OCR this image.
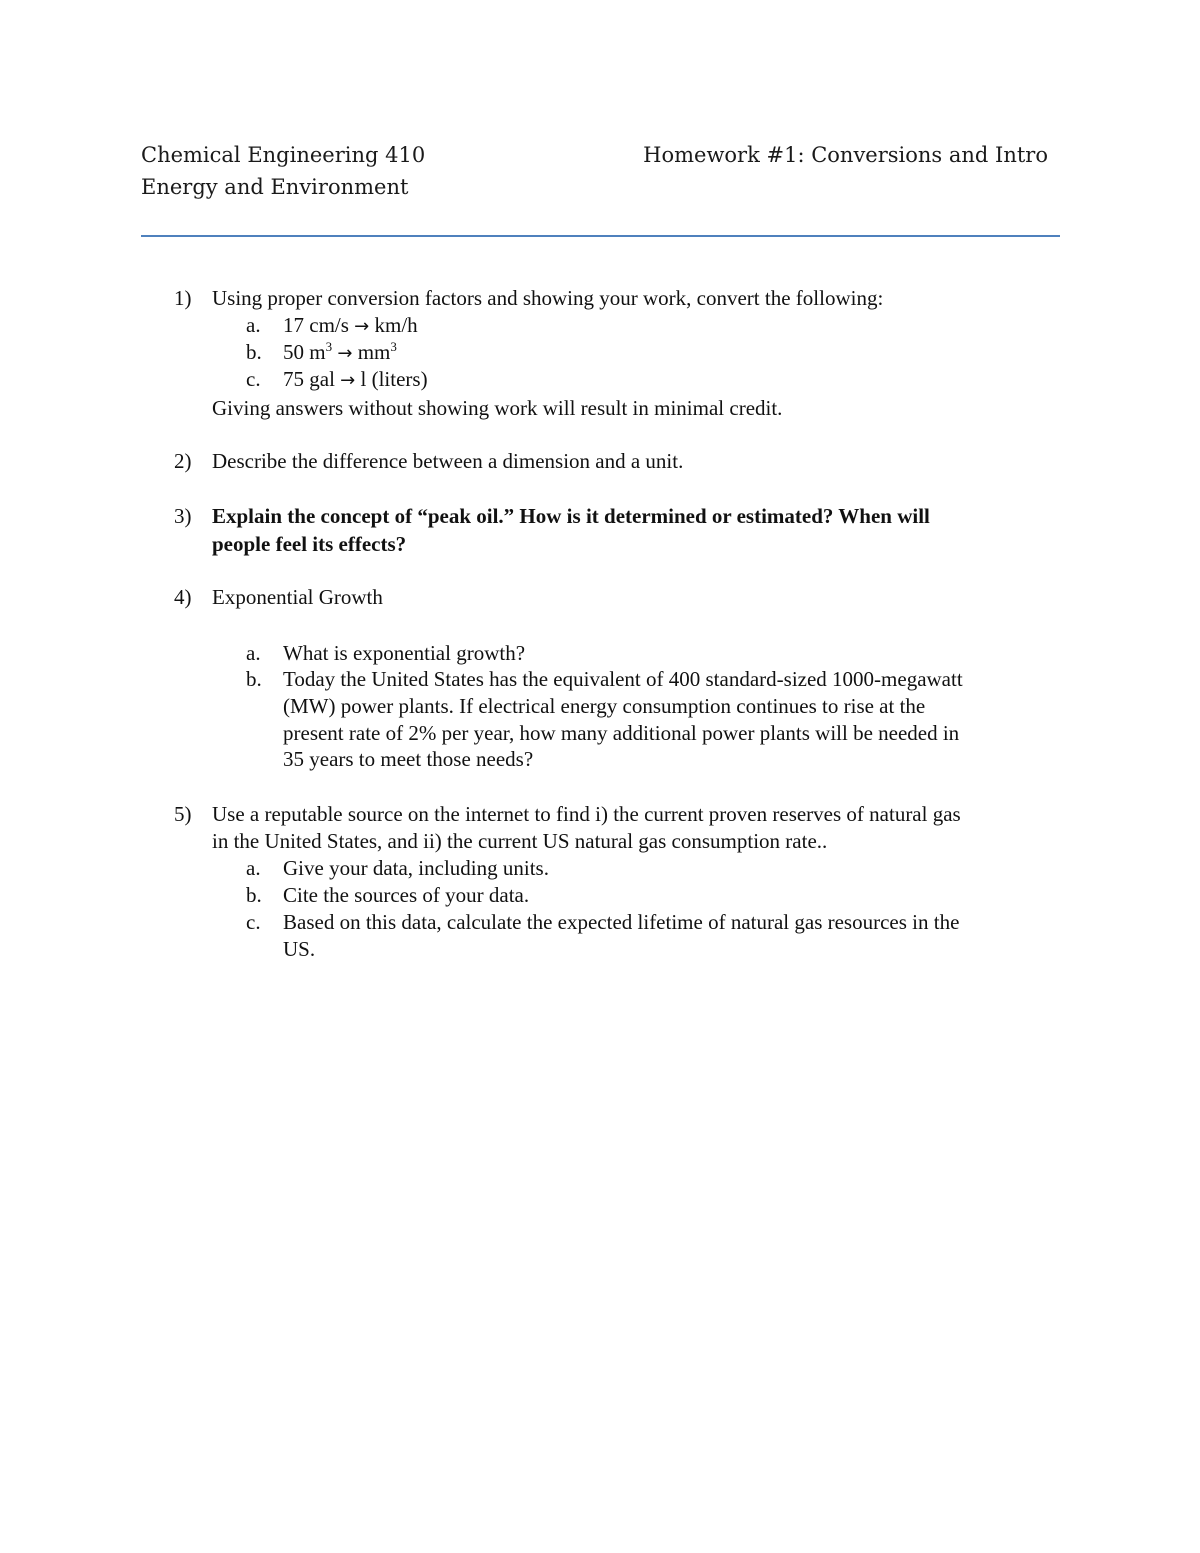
Chemical Engineering 410
Energy and Environment
Homework #1: Conversions and Intro
1) Using proper conversion factors and showing your work, convert the following:
a. 17 cm/s → km/h
b. 50 $m^3 \to mm^3$
c. 75 gal → l (liters)
Giving answers without showing work will result in minimal credit.
2) Describe the difference between a dimension and a unit.
3) Explain the concept of “peak oil.” How is it determined or estimated? When will
people feel its effects?
4) Exponential Growth
a. What is exponential growth?
b. Today the United States has the equivalent of 400 standard-sized 1000-megawatt
(MW) power plants. If electrical energy consumption continues to rise at the
present rate of 2% per year, how many additional power plants will be needed in
35 years to meet those needs?
5) Use a reputable source on the internet to find i) the current proven reserves of natural gas
in the United States, and ii) the current US natural gas consumption rate..
a. Give your data, including units.
b. Cite the sources of your data.
c. Based on this data, calculate the expected lifetime of natural gas resources in the
US.
